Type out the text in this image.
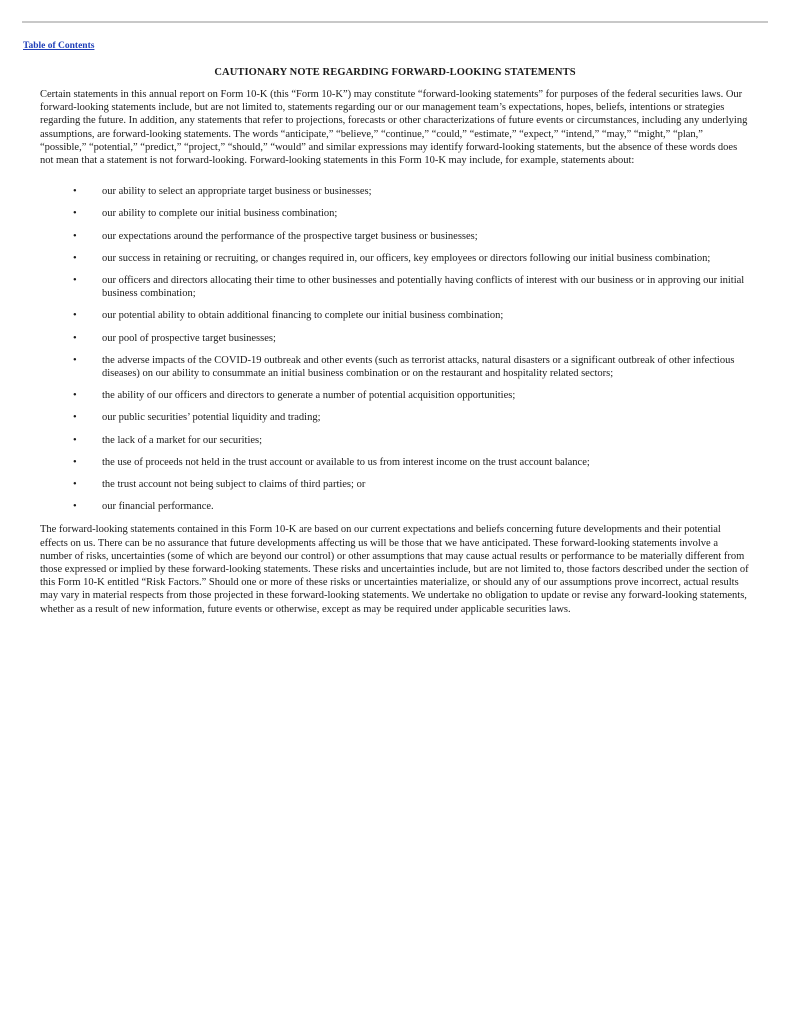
Table of Contents
CAUTIONARY NOTE REGARDING FORWARD-LOOKING STATEMENTS

Certain statements in this annual report on Form 10-K (this “Form 10-K”) may constitute “forward-looking statements” for purposes of the federal securities laws. Our forward-looking statements include, but are not limited to, statements regarding our or our management team’s expectations, hopes, beliefs, intentions or strategies regarding the future. In addition, any statements that refer to projections, forecasts or other characterizations of future events or circumstances, including any underlying assumptions, are forward-looking statements. The words “anticipate,” “believe,” “continue,” “could,” “estimate,” “expect,” “intend,” “may,” “might,” “plan,” “possible,” “potential,” “predict,” “project,” “should,” “would” and similar expressions may identify forward-looking statements, but the absence of these words does not mean that a statement is not forward-looking. Forward-looking statements in this Form 10-K may include, for example, statements about:

• our ability to select an appropriate target business or businesses;
• our ability to complete our initial business combination;
• our expectations around the performance of the prospective target business or businesses;
• our success in retaining or recruiting, or changes required in, our officers, key employees or directors following our initial business combination;
• our officers and directors allocating their time to other businesses and potentially having conflicts of interest with our business or in approving our initial business combination;
• our potential ability to obtain additional financing to complete our initial business combination;
• our pool of prospective target businesses;
• the adverse impacts of the COVID-19 outbreak and other events (such as terrorist attacks, natural disasters or a significant outbreak of other infectious diseases) on our ability to consummate an initial business combination or on the restaurant and hospitality related sectors;
• the ability of our officers and directors to generate a number of potential acquisition opportunities;
• our public securities’ potential liquidity and trading;
• the lack of a market for our securities;
• the use of proceeds not held in the trust account or available to us from interest income on the trust account balance;
• the trust account not being subject to claims of third parties; or
• our financial performance.

The forward-looking statements contained in this Form 10-K are based on our current expectations and beliefs concerning future developments and their potential effects on us. There can be no assurance that future developments affecting us will be those that we have anticipated. These forward-looking statements involve a number of risks, uncertainties (some of which are beyond our control) or other assumptions that may cause actual results or performance to be materially different from those expressed or implied by these forward-looking statements. These risks and uncertainties include, but are not limited to, those factors described under the section of this Form 10-K entitled “Risk Factors.” Should one or more of these risks or uncertainties materialize, or should any of our assumptions prove incorrect, actual results may vary in material respects from those projected in these forward-looking statements. We undertake no obligation to update or revise any forward-looking statements, whether as a result of new information, future events or otherwise, except as may be required under applicable securities laws.
